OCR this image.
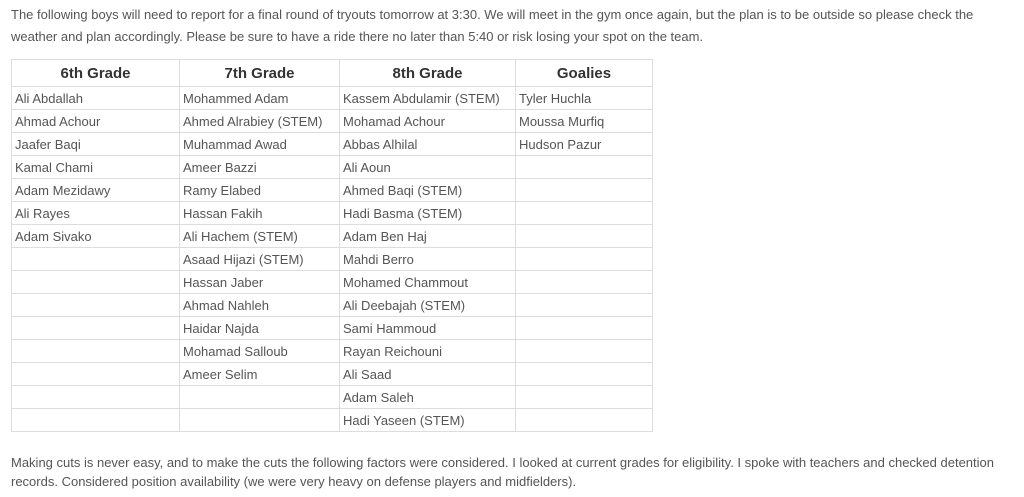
The following boys will need to report for a final round of tryouts tomorrow at 3:30. We will meet in the gym once again, but the plan is to be outside so please check the weather and plan accordingly. Please be sure to have a ride there no later than 5:40 or risk losing your spot on the team.

6th Grade	7th Grade	8th Grade	Goalies
Ali Abdallah	Mohammed Adam	Kassem Abdulamir (STEM)	Tyler Huchla
Ahmad Achour	Ahmed Alrabiey (STEM)	Mohamad Achour	Moussa Murfiq
Jaafer Baqi	Muhammad Awad	Abbas Alhilal	Hudson Pazur
Kamal Chami	Ameer Bazzi	Ali Aoun	
Adam Mezidawy	Ramy Elabed	Ahmed Baqi (STEM)	
Ali Rayes	Hassan Fakih	Hadi Basma (STEM)	
Adam Sivako	Ali Hachem (STEM)	Adam Ben Haj	
	Asaad Hijazi (STEM)	Mahdi Berro	
	Hassan Jaber	Mohamed Chammout	
	Ahmad Nahleh	Ali Deebajah (STEM)	
	Haidar Najda	Sami Hammoud	
	Mohamad Salloub	Rayan Reichouni	
	Ameer Selim	Ali Saad	
		Adam Saleh	
		Hadi Yaseen (STEM)	

Making cuts is never easy, and to make the cuts the following factors were considered. I looked at current grades for eligibility. I spoke with teachers and checked detention records. Considered position availability (we were very heavy on defense players and midfielders).
